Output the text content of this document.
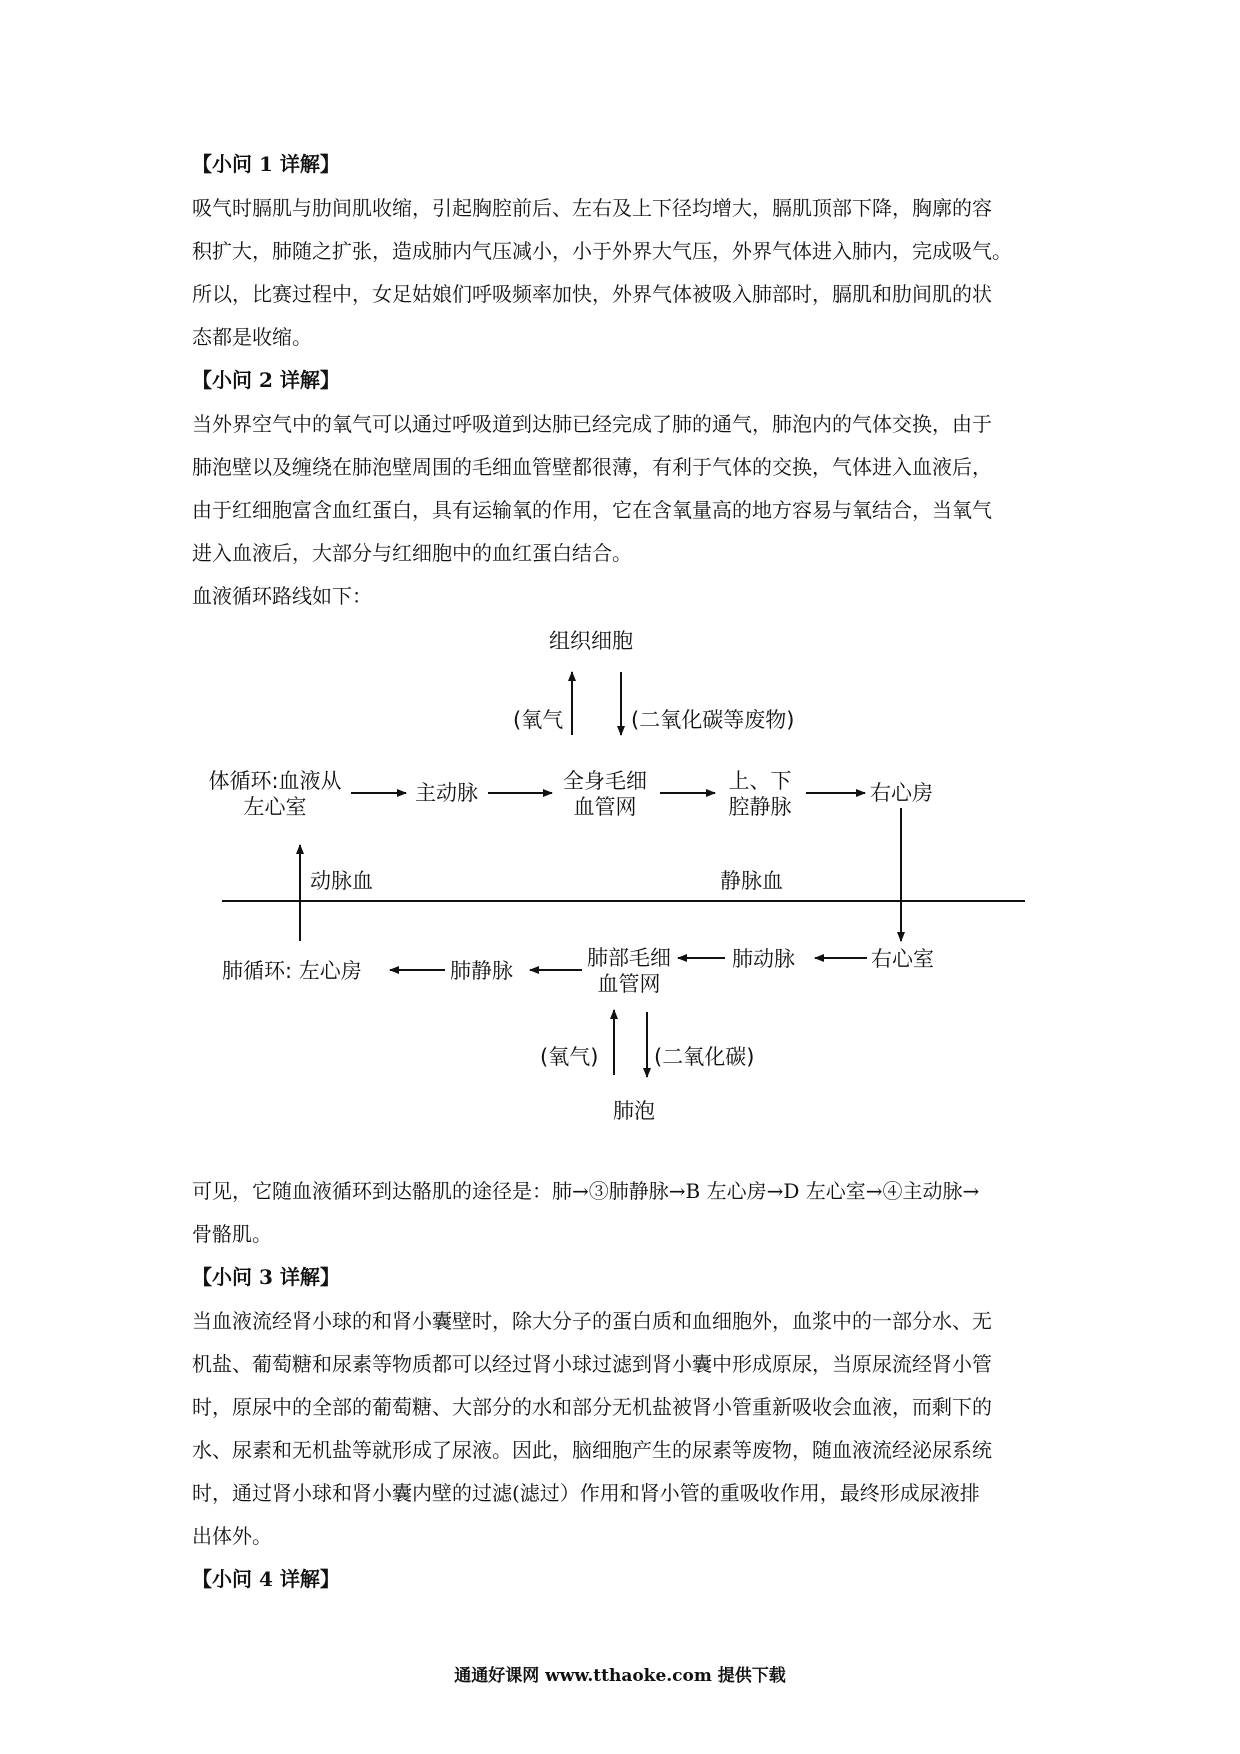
【小问 1 详解】
吸气时膈肌与肋间肌收缩，引起胸腔前后、左右及上下径均增大，膈肌顶部下降，胸廓的容
积扩大，肺随之扩张，造成肺内气压减小，小于外界大气压，外界气体进入肺内，完成吸气。
所以，比赛过程中，女足姑娘们呼吸频率加快，外界气体被吸入肺部时，膈肌和肋间肌的状
态都是收缩。
【小问 2 详解】
当外界空气中的氧气可以通过呼吸道到达肺已经完成了肺的通气，肺泡内的气体交换，由于
肺泡壁以及缠绕在肺泡壁周围的毛细血管壁都很薄，有利于气体的交换，气体进入血液后，
由于红细胞富含血红蛋白，具有运输氧的作用，它在含氧量高的地方容易与氧结合，当氧气
进入血液后，大部分与红细胞中的血红蛋白结合。
血液循环路线如下：
组织细胞
(氧气	(二氧化碳等废物)
体循环:血液从
左心室
主动脉	全身毛细
血管网
上、下
腔静脉
右心房
动脉血	静脉血
肺循环: 左心房	肺静脉
肺部毛细
血管网
肺动脉	右心室
(氧气)	(二氧化碳)
肺泡
可见，它随血液循环到达骼肌的途径是：肺→③肺静脉→B 左心房→D 左心室→④主动脉→
骨骼肌。
【小问 3 详解】
当血液流经肾小球的和肾小囊壁时，除大分子的蛋白质和血细胞外，血浆中的一部分水、无
机盐、葡萄糖和尿素等物质都可以经过肾小球过滤到肾小囊中形成原尿，当原尿流经肾小管
时，原尿中的全部的葡萄糖、大部分的水和部分无机盐被肾小管重新吸收会血液，而剩下的
水、尿素和无机盐等就形成了尿液。因此，脑细胞产生的尿素等废物，随血液流经泌尿系统
时，通过肾小球和肾小囊内壁的过滤(滤过）作用和肾小管的重吸收作用，最终形成尿液排
出体外。
【小问 4 详解】
通通好课网 www.tthaoke.com 提供下载
